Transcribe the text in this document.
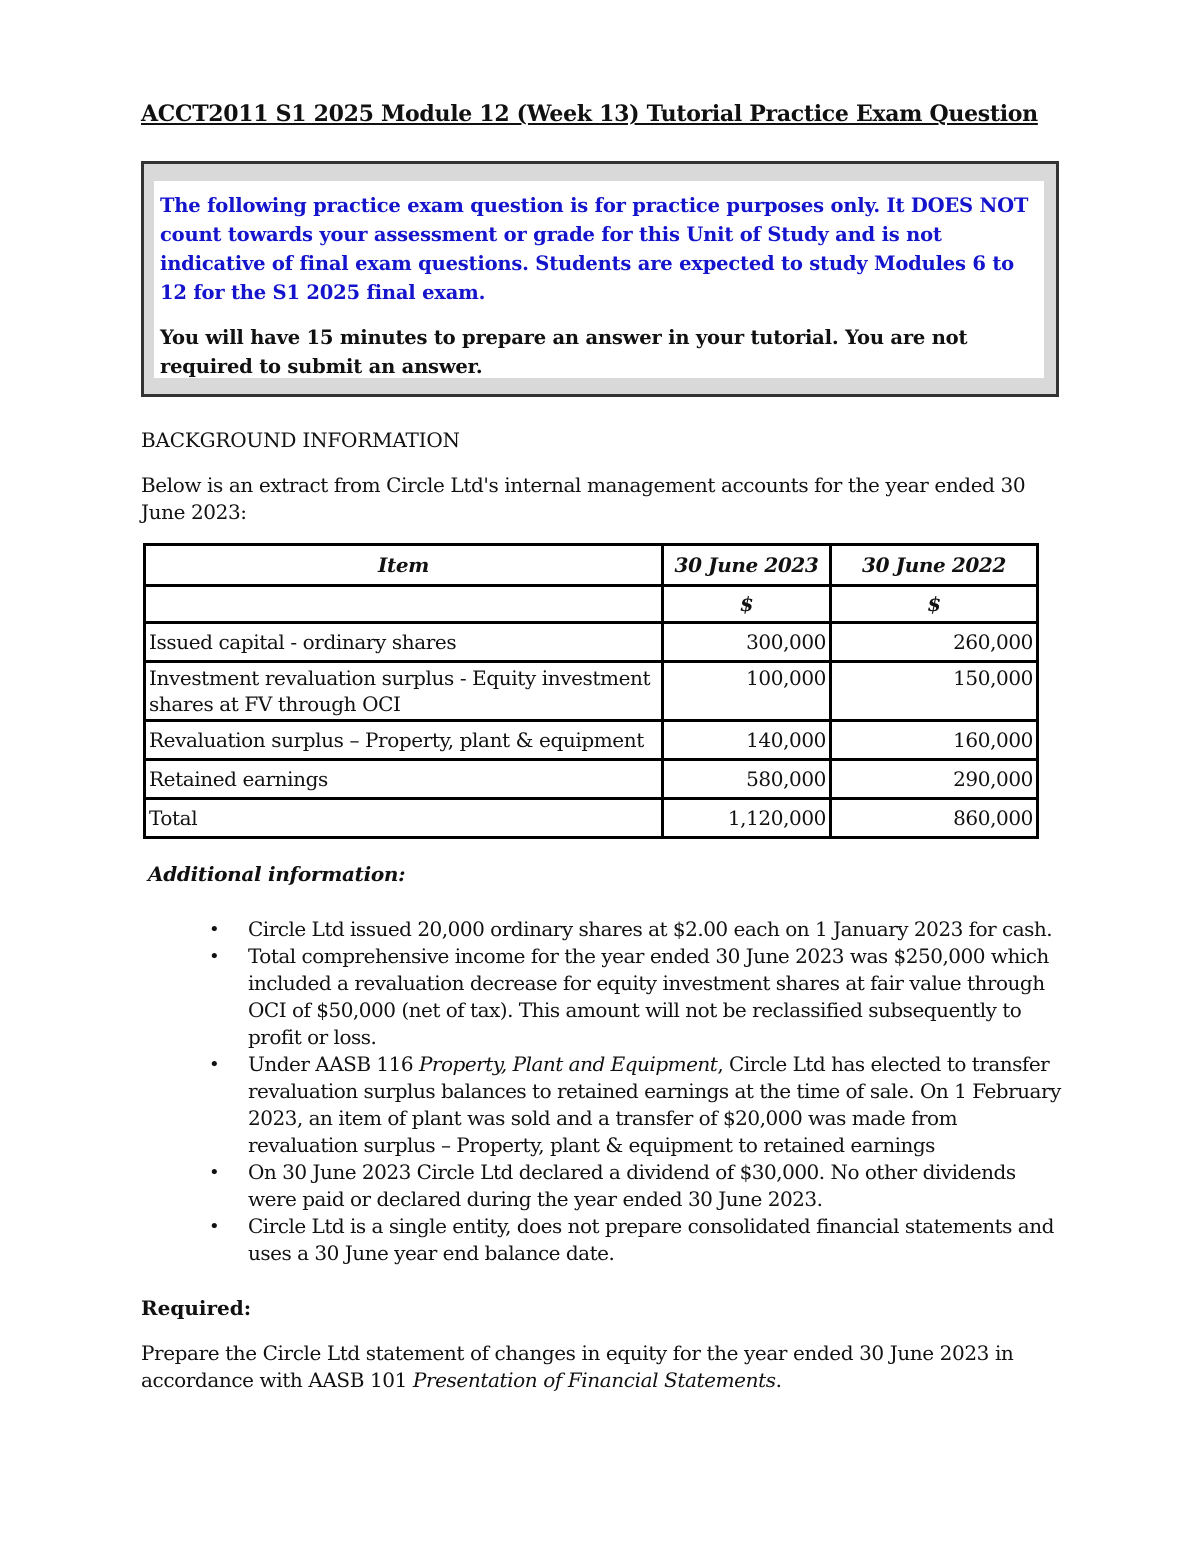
ACCT2011 S1 2025 Module 12 (Week 13) Tutorial Practice Exam Question

The following practice exam question is for practice purposes only. It DOES NOT count towards your assessment or grade for this Unit of Study and is not indicative of final exam questions. Students are expected to study Modules 6 to 12 for the S1 2025 final exam.

You will have 15 minutes to prepare an answer in your tutorial. You are not required to submit an answer.

BACKGROUND INFORMATION
Below is an extract from Circle Ltd's internal management accounts for the year ended 30 June 2023:
Item	30 June 2023	30 June 2022
	$	$
Issued capital - ordinary shares	300,000	260,000
Investment revaluation surplus - Equity investment shares at FV through OCI	100,000	150,000
Revaluation surplus – Property, plant & equipment	140,000	160,000
Retained earnings	580,000	290,000
Total	1,120,000	860,000
Additional information:
• Circle Ltd issued 20,000 ordinary shares at $2.00 each on 1 January 2023 for cash.
• Total comprehensive income for the year ended 30 June 2023 was $250,000 which included a revaluation decrease for equity investment shares at fair value through OCI of $50,000 (net of tax). This amount will not be reclassified subsequently to profit or loss.
• Under AASB 116 Property, Plant and Equipment, Circle Ltd has elected to transfer revaluation surplus balances to retained earnings at the time of sale. On 1 February 2023, an item of plant was sold and a transfer of $20,000 was made from revaluation surplus – Property, plant & equipment to retained earnings
• On 30 June 2023 Circle Ltd declared a dividend of $30,000. No other dividends were paid or declared during the year ended 30 June 2023.
• Circle Ltd is a single entity, does not prepare consolidated financial statements and uses a 30 June year end balance date.
Required:
Prepare the Circle Ltd statement of changes in equity for the year ended 30 June 2023 in accordance with AASB 101 Presentation of Financial Statements.
